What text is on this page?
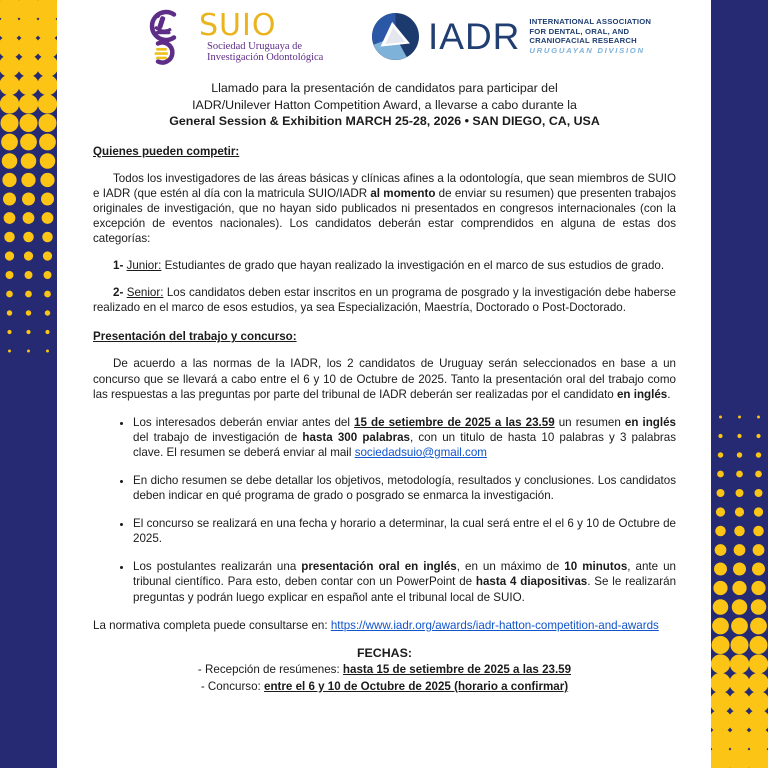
SUIO
Sociedad Uruguaya de
Investigación Odontológica
IADR INTERNATIONAL ASSOCIATION
FOR DENTAL, ORAL, AND
CRANIOFACIAL RESEARCH
URUGUAYAN DIVISION
Llamado para la presentación de candidatos para participar del
IADR/Unilever Hatton Competition Award, a llevarse a cabo durante la
General Session & Exhibition MARCH 25-28, 2026 • SAN DIEGO, CA, USA
Quienes pueden competir:
Todos los investigadores de las áreas básicas y clínicas afines a la odontología, que sean miembros de SUIO e IADR (que estén al día con la matricula SUIO/IADR al momento de enviar su resumen) que presenten trabajos originales de investigación, que no hayan sido publicados ni presentados en congresos internacionales (con la excepción de eventos nacionales). Los candidatos deberán estar comprendidos en alguna de estas dos categorías:
1- Junior: Estudiantes de grado que hayan realizado la investigación en el marco de sus estudios de grado.
2- Senior: Los candidatos deben estar inscritos en un programa de posgrado y la investigación debe haberse realizado en el marco de esos estudios, ya sea Especialización, Maestría, Doctorado o Post-Doctorado.
Presentación del trabajo y concurso:
De acuerdo a las normas de la IADR, los 2 candidatos de Uruguay serán seleccionados en base a un concurso que se llevará a cabo entre el 6 y 10 de Octubre de 2025. Tanto la presentación oral del trabajo como las respuestas a las preguntas por parte del tribunal de IADR deberán ser realizadas por el candidato en inglés.
• Los interesados deberán enviar antes del 15 de setiembre de 2025 a las 23.59 un resumen en inglés del trabajo de investigación de hasta 300 palabras, con un titulo de hasta 10 palabras y 3 palabras clave. El resumen se deberá enviar al mail sociedadsuio@gmail.com
• En dicho resumen se debe detallar los objetivos, metodología, resultados y conclusiones. Los candidatos deben indicar en qué programa de grado o posgrado se enmarca la investigación.
• El concurso se realizará en una fecha y horario a determinar, la cual será entre el el 6 y 10 de Octubre de 2025.
• Los postulantes realizarán una presentación oral en inglés, en un máximo de 10 minutos, ante un tribunal científico. Para esto, deben contar con un PowerPoint de hasta 4 diapositivas. Se le realizarán preguntas y podrán luego explicar en español ante el tribunal local de SUIO.
La normativa completa puede consultarse en: https://www.iadr.org/awards/iadr-hatton-competition-and-awards
FECHAS:
- Recepción de resúmenes: hasta 15 de setiembre de 2025 a las 23.59
- Concurso: entre el 6 y 10 de Octubre de 2025 (horario a confirmar)
